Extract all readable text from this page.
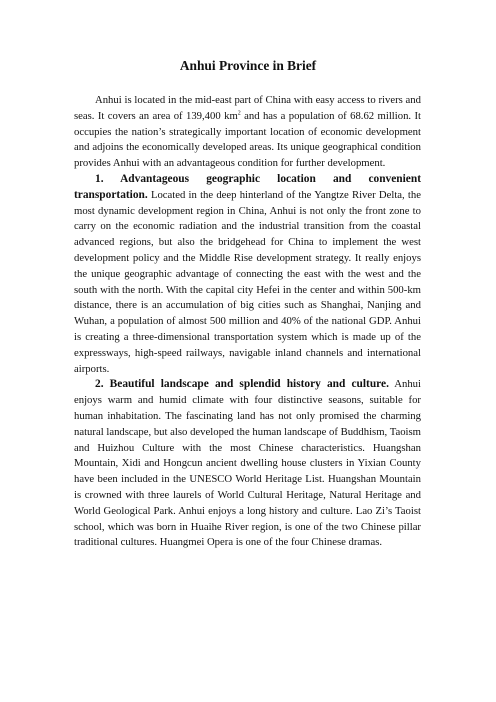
Anhui Province in Brief

Anhui is located in the mid-east part of China with easy access to rivers and seas. It covers an area of 139,400 $km^2$ and has a population of 68.62 million. It occupies the nation’s strategically important location of economic development and adjoins the economically developed areas. Its unique geographical condition provides Anhui with an advantageous condition for further development.

1. Advantageous geographic location and convenient transportation. Located in the deep hinterland of the Yangtze River Delta, the most dynamic development region in China, Anhui is not only the front zone to carry on the economic radiation and the industrial transition from the coastal advanced regions, but also the bridgehead for China to implement the west development policy and the Middle Rise development strategy. It really enjoys the unique geographic advantage of connecting the east with the west and the south with the north. With the capital city Hefei in the center and within 500-km distance, there is an accumulation of big cities such as Shanghai, Nanjing and Wuhan, a population of almost 500 million and 40% of the national GDP. Anhui is creating a three-dimensional transportation system which is made up of the expressways, high-speed railways, navigable inland channels and international airports.

2. Beautiful landscape and splendid history and culture. Anhui enjoys warm and humid climate with four distinctive seasons, suitable for human inhabitation. The fascinating land has not only promised the charming natural landscape, but also developed the human landscape of Buddhism, Taoism and Huizhou Culture with the most Chinese characteristics. Huangshan Mountain, Xidi and Hongcun ancient dwelling house clusters in Yixian County have been included in the UNESCO World Heritage List. Huangshan Mountain is crowned with three laurels of World Cultural Heritage, Natural Heritage and World Geological Park. Anhui enjoys a long history and culture. Lao Zi’s Taoist school, which was born in Huaihe River region, is one of the two Chinese pillar traditional cultures. Huangmei Opera is one of the four Chinese dramas.
